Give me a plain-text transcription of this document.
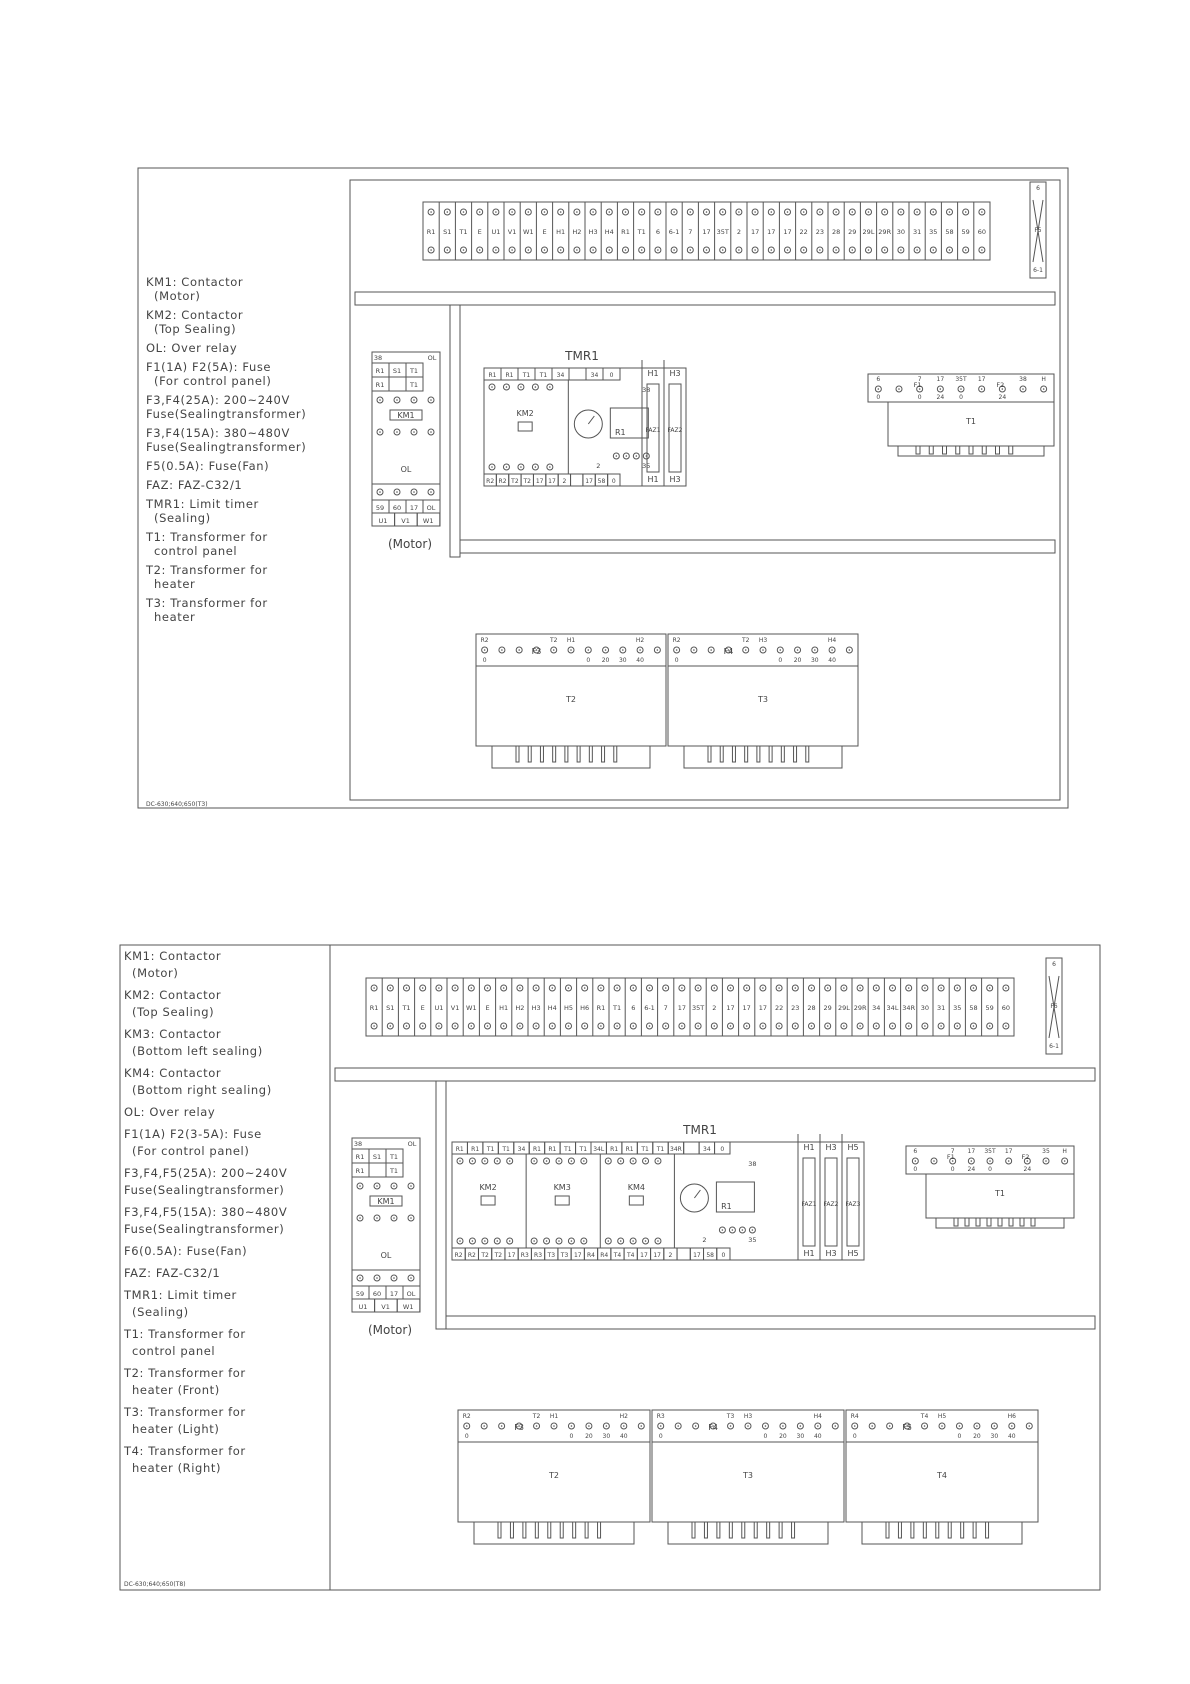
KM1: Contactor
(Motor)
KM2: Contactor
(Top Sealing)
OL: Over relay
F1(1A) F2(5A): Fuse
(For control panel)
F3,F4(25A): 200~240V
Fuse(Sealingtransformer)
F3,F4(15A): 380~480V
Fuse(Sealingtransformer)
F5(0.5A): Fuse(Fan)
FAZ: FAZ-C32/1
TMR1: Limit timer
(Sealing)
T1: Transformer for
control panel
T2: Transformer for
heater
T3: Transformer for
heater
DC-630;640;650(T3)
R1 S1 T1 E U1 V1 W1 E H1 H2 H3 H4 R1 T1 6 6-1 7 17 35T 2 17 17 17 22 23 28 29 29L 29R 30 31 35 58 59 60
6
F5
6-1
38	OL
R1 S1 T1
R1	T1
KM1
OL
59 60 17 OL
U1 V1 W1
(Motor)
TMR1
R1 R1 T1 T1 34	34 0
R2 R2 T2 T2 17 17 2	17 58 0
KM2
R1
38
35
2
H1
FAZ1
H1
H3
FAZ2
H3
6	7 17 35T 17	38 H
0	0 24 0	24
F1	F2
T1
R2	T2 H1	H2
0	0 20 30 40
F3
T2
R2	T2 H3	H4
0	0 20 30 40
F4
T3
KM1: Contactor
(Motor)
KM2: Contactor
(Top Sealing)
KM3: Contactor
(Bottom left sealing)
KM4: Contactor
(Bottom right sealing)
OL: Over relay
F1(1A) F2(3-5A): Fuse
(For control panel)
F3,F4,F5(25A): 200~240V
Fuse(Sealingtransformer)
F3,F4,F5(15A): 380~480V
Fuse(Sealingtransformer)
F6(0.5A): Fuse(Fan)
FAZ: FAZ-C32/1
TMR1: Limit timer
(Sealing)
T1: Transformer for
control panel
T2: Transformer for
heater (Front)
T3: Transformer for
heater (Light)
T4: Transformer for
heater (Right)
DC-630;640;650(T8)
R1 S1 T1 E U1 V1 W1 E H1 H2 H3 H4 H5 H6 R1 T1 6 6-1 7 17 35T 2 17 17 17 22 23 28 29 29L 29R 34 34L 34R 30 31 35 58 59 60
6
F6
6-1
38	OL
R1 S1 T1
R1	T1
KM1
OL
59 60 17 OL
U1 V1 W1
(Motor)
TMR1
R1 R1 T1 T1 34 R1 R1 T1 T1 34L R1 R1 T1 T1 34R	34 0
R2 R2 T2 T2 17 R3 R3 T3 T3 17 R4 R4 T4 T4 17 17 2	17 58 0
KM2	KM3	KM4
R1
38
35
2
H1
FAZ1
H1
H3
FAZ2
H3
H5
FAZ3
H5
6	7 17 35T 17	35 H
0	0 24 0	24
F1	F2
T1
R2	T2 H1	H2
0	0 20 30 40
F3
T2
R3	T3 H3	H4
0	0 20 30 40
F4
T3
R4	T4 H5	H6
0	0 20 30 40
F5
T4
